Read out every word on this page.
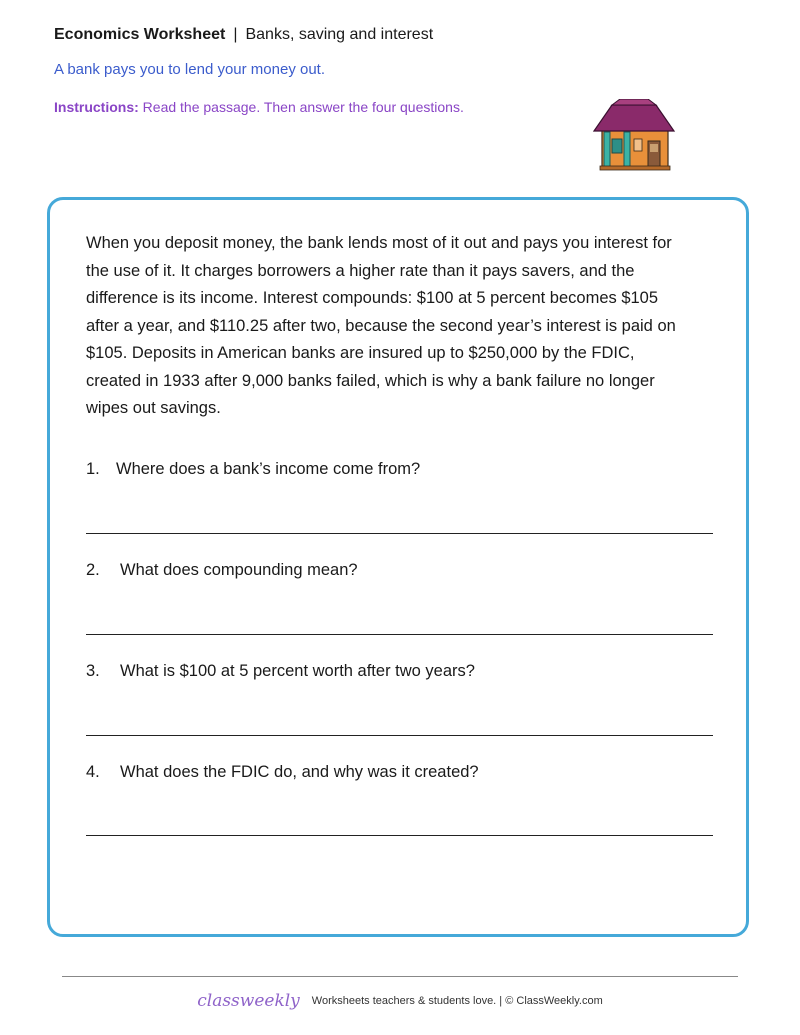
Economics Worksheet | Banks, saving and interest
A bank pays you to lend your money out.
Instructions: Read the passage. Then answer the four questions.

When you deposit money, the bank lends most of it out and pays you interest for the use of it. It charges borrowers a higher rate than it pays savers, and the difference is its income. Interest compounds: $100 at 5 percent becomes $105 after a year, and $110.25 after two, because the second year’s interest is paid on $105. Deposits in American banks are insured up to $250,000 by the FDIC, created in 1933 after 9,000 banks failed, which is why a bank failure no longer wipes out savings.

1. Where does a bank’s income come from?
2. What does compounding mean?
3. What is $100 at 5 percent worth after two years?
4. What does the FDIC do, and why was it created?
classweekly Worksheets teachers & students love. | © ClassWeekly.com
